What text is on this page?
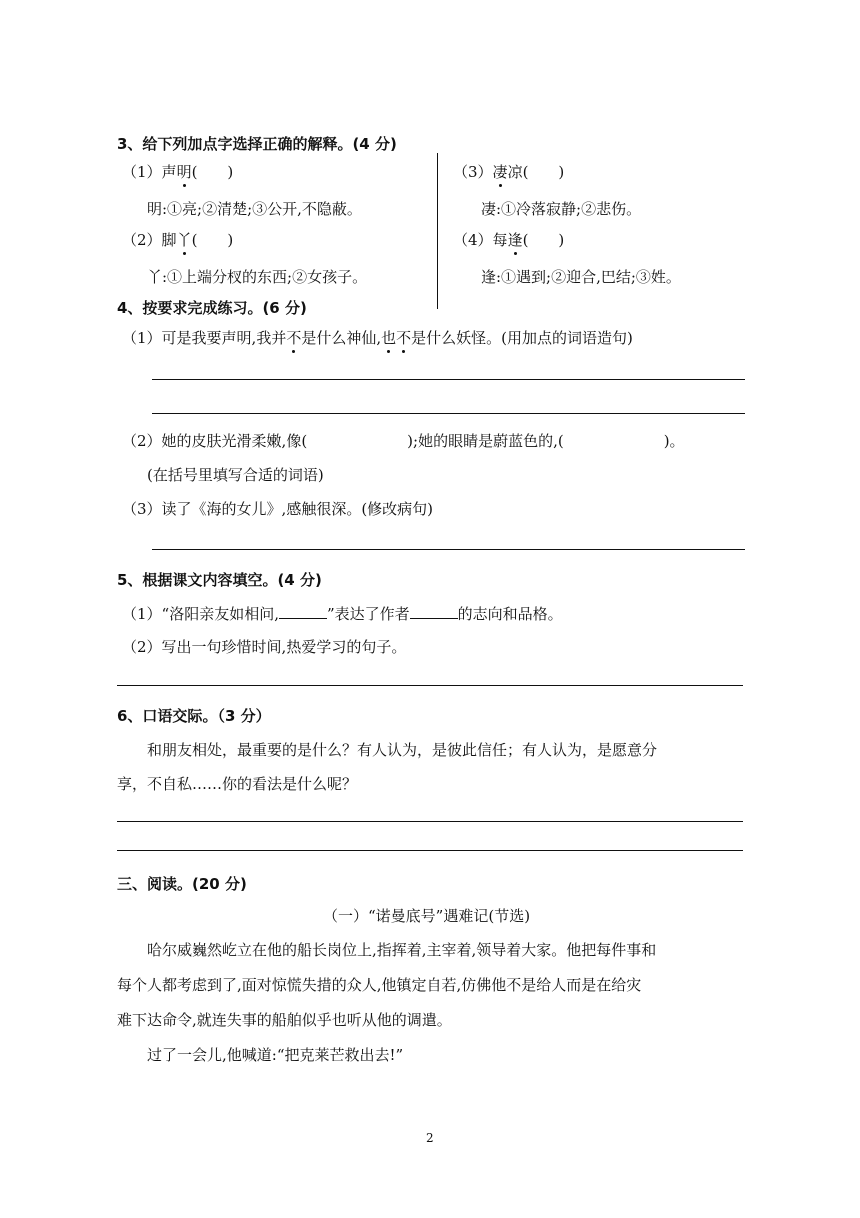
3、给下列加点字选择正确的解释。(4 分)
（1）声明(　　)
明:①亮;②清楚;③公开,不隐蔽。
（2）脚丫(　　)
丫:①上端分杈的东西;②女孩子。
（3）凄凉(　　)
凄:①冷落寂静;②悲伤。
（4）每逢(　　)
逢:①遇到;②迎合,巴结;③姓。
4、按要求完成练习。(6 分)
（1）可是我要声明,我并不是什么神仙,也不是什么妖怪。(用加点的词语造句)
（2）她的皮肤光滑柔嫩,像(	);她的眼睛是蔚蓝色的,(	)。
(在括号里填写合适的词语)
（3）读了《海的女儿》,感触很深。(修改病句)
5、根据课文内容填空。(4 分)
（1）“洛阳亲友如相问,	”表达了作者	的志向和品格。
（2）写出一句珍惜时间,热爱学习的句子。
6、口语交际。（3 分）
和朋友相处，最重要的是什么？有人认为，是彼此信任；有人认为，是愿意分
享，不自私……你的看法是什么呢？
三、阅读。(20 分)
（一）“诺曼底号”遇难记(节选)
哈尔威巍然屹立在他的船长岗位上,指挥着,主宰着,领导着大家。他把每件事和
每个人都考虑到了,面对惊慌失措的众人,他镇定自若,仿佛他不是给人而是在给灾
难下达命令,就连失事的船舶似乎也听从他的调遣。
过了一会儿,他喊道:“把克莱芒救出去!”
2
